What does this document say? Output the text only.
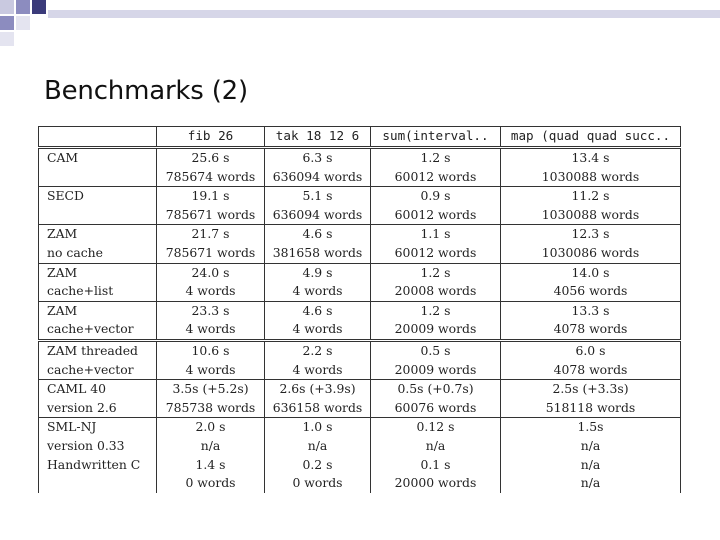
Benchmarks (2)
	fib 26	tak 18 12 6	sum(interval..	map (quad quad succ..
CAM	25.6 s	6.3 s	1.2 s	13.4 s
	785674 words	636094 words	60012 words	1030088 words
SECD	19.1 s	5.1 s	0.9 s	11.2 s
	785671 words	636094 words	60012 words	1030088 words
ZAM	21.7 s	4.6 s	1.1 s	12.3 s
no cache	785671 words	381658 words	60012 words	1030086 words
ZAM	24.0 s	4.9 s	1.2 s	14.0 s
cache+list	4 words	4 words	20008 words	4056 words
ZAM	23.3 s	4.6 s	1.2 s	13.3 s
cache+vector	4 words	4 words	20009 words	4078 words
ZAM threaded	10.6 s	2.2 s	0.5 s	6.0 s
cache+vector	4 words	4 words	20009 words	4078 words
CAML 40	3.5s (+5.2s)	2.6s (+3.9s)	0.5s (+0.7s)	2.5s (+3.3s)
version 2.6	785738 words	636158 words	60076 words	518118 words
SML-NJ	2.0 s	1.0 s	0.12 s	1.5s
version 0.33	n/a	n/a	n/a	n/a
Handwritten C	1.4 s	0.2 s	0.1 s	n/a
	0 words	0 words	20000 words	n/a
